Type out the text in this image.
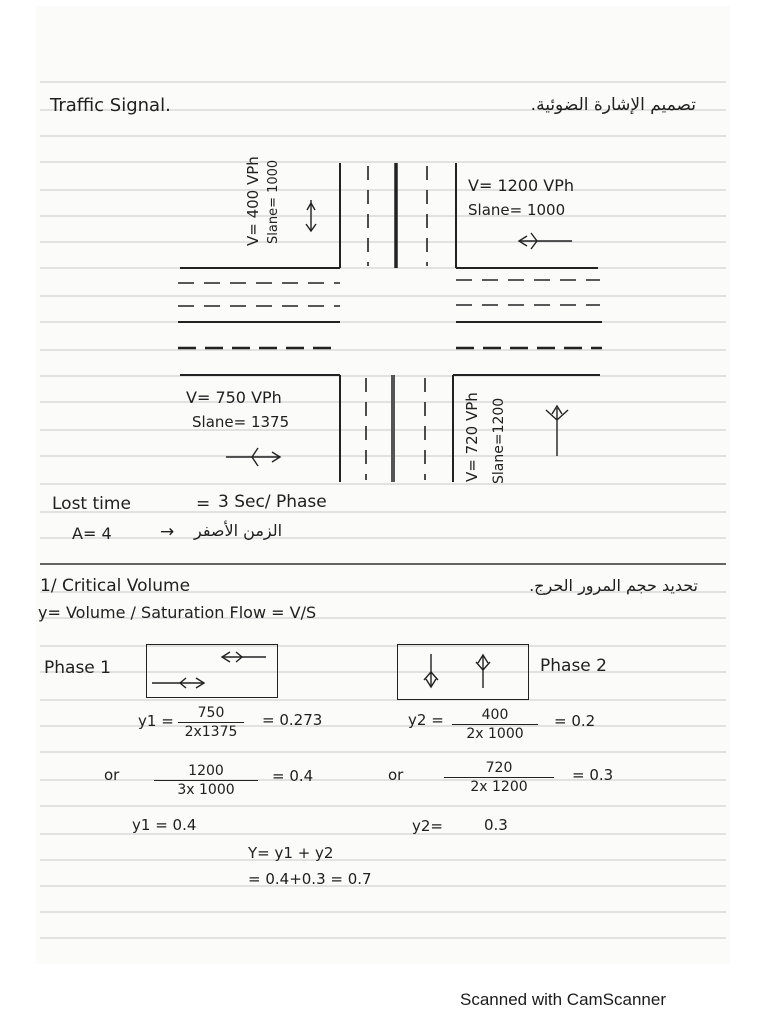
Traffic Signal.	تصميم الإشارة الضوئية.
V= 400 VPh Slane= 1000	V= 1200 VPh
Slane= 1000
V= 750 VPh
Slane= 1375	V= 720 VPh Slane=1200
Lost time	= 3 Sec/ Phase
A= 4	→ الزمن الأصفر
1/ Critical Volume	تحديد حجم المرور الحرج.
y= Volume / Saturation Flow = V/S
Phase 1	Phase 2
$y1 = \frac{750}{2x1375} = 0.273$	$y2 = \frac{400}{2x 1000} = 0.2$
or $\frac{1200}{3x 1000} = 0.4$	or	$\frac{720}{2x 1200} = 0.3$
y1 = 0.4	y2=	0.3
Y= y1 + y2
= 0.4+0.3 = 0.7
Scanned with CamScanner
